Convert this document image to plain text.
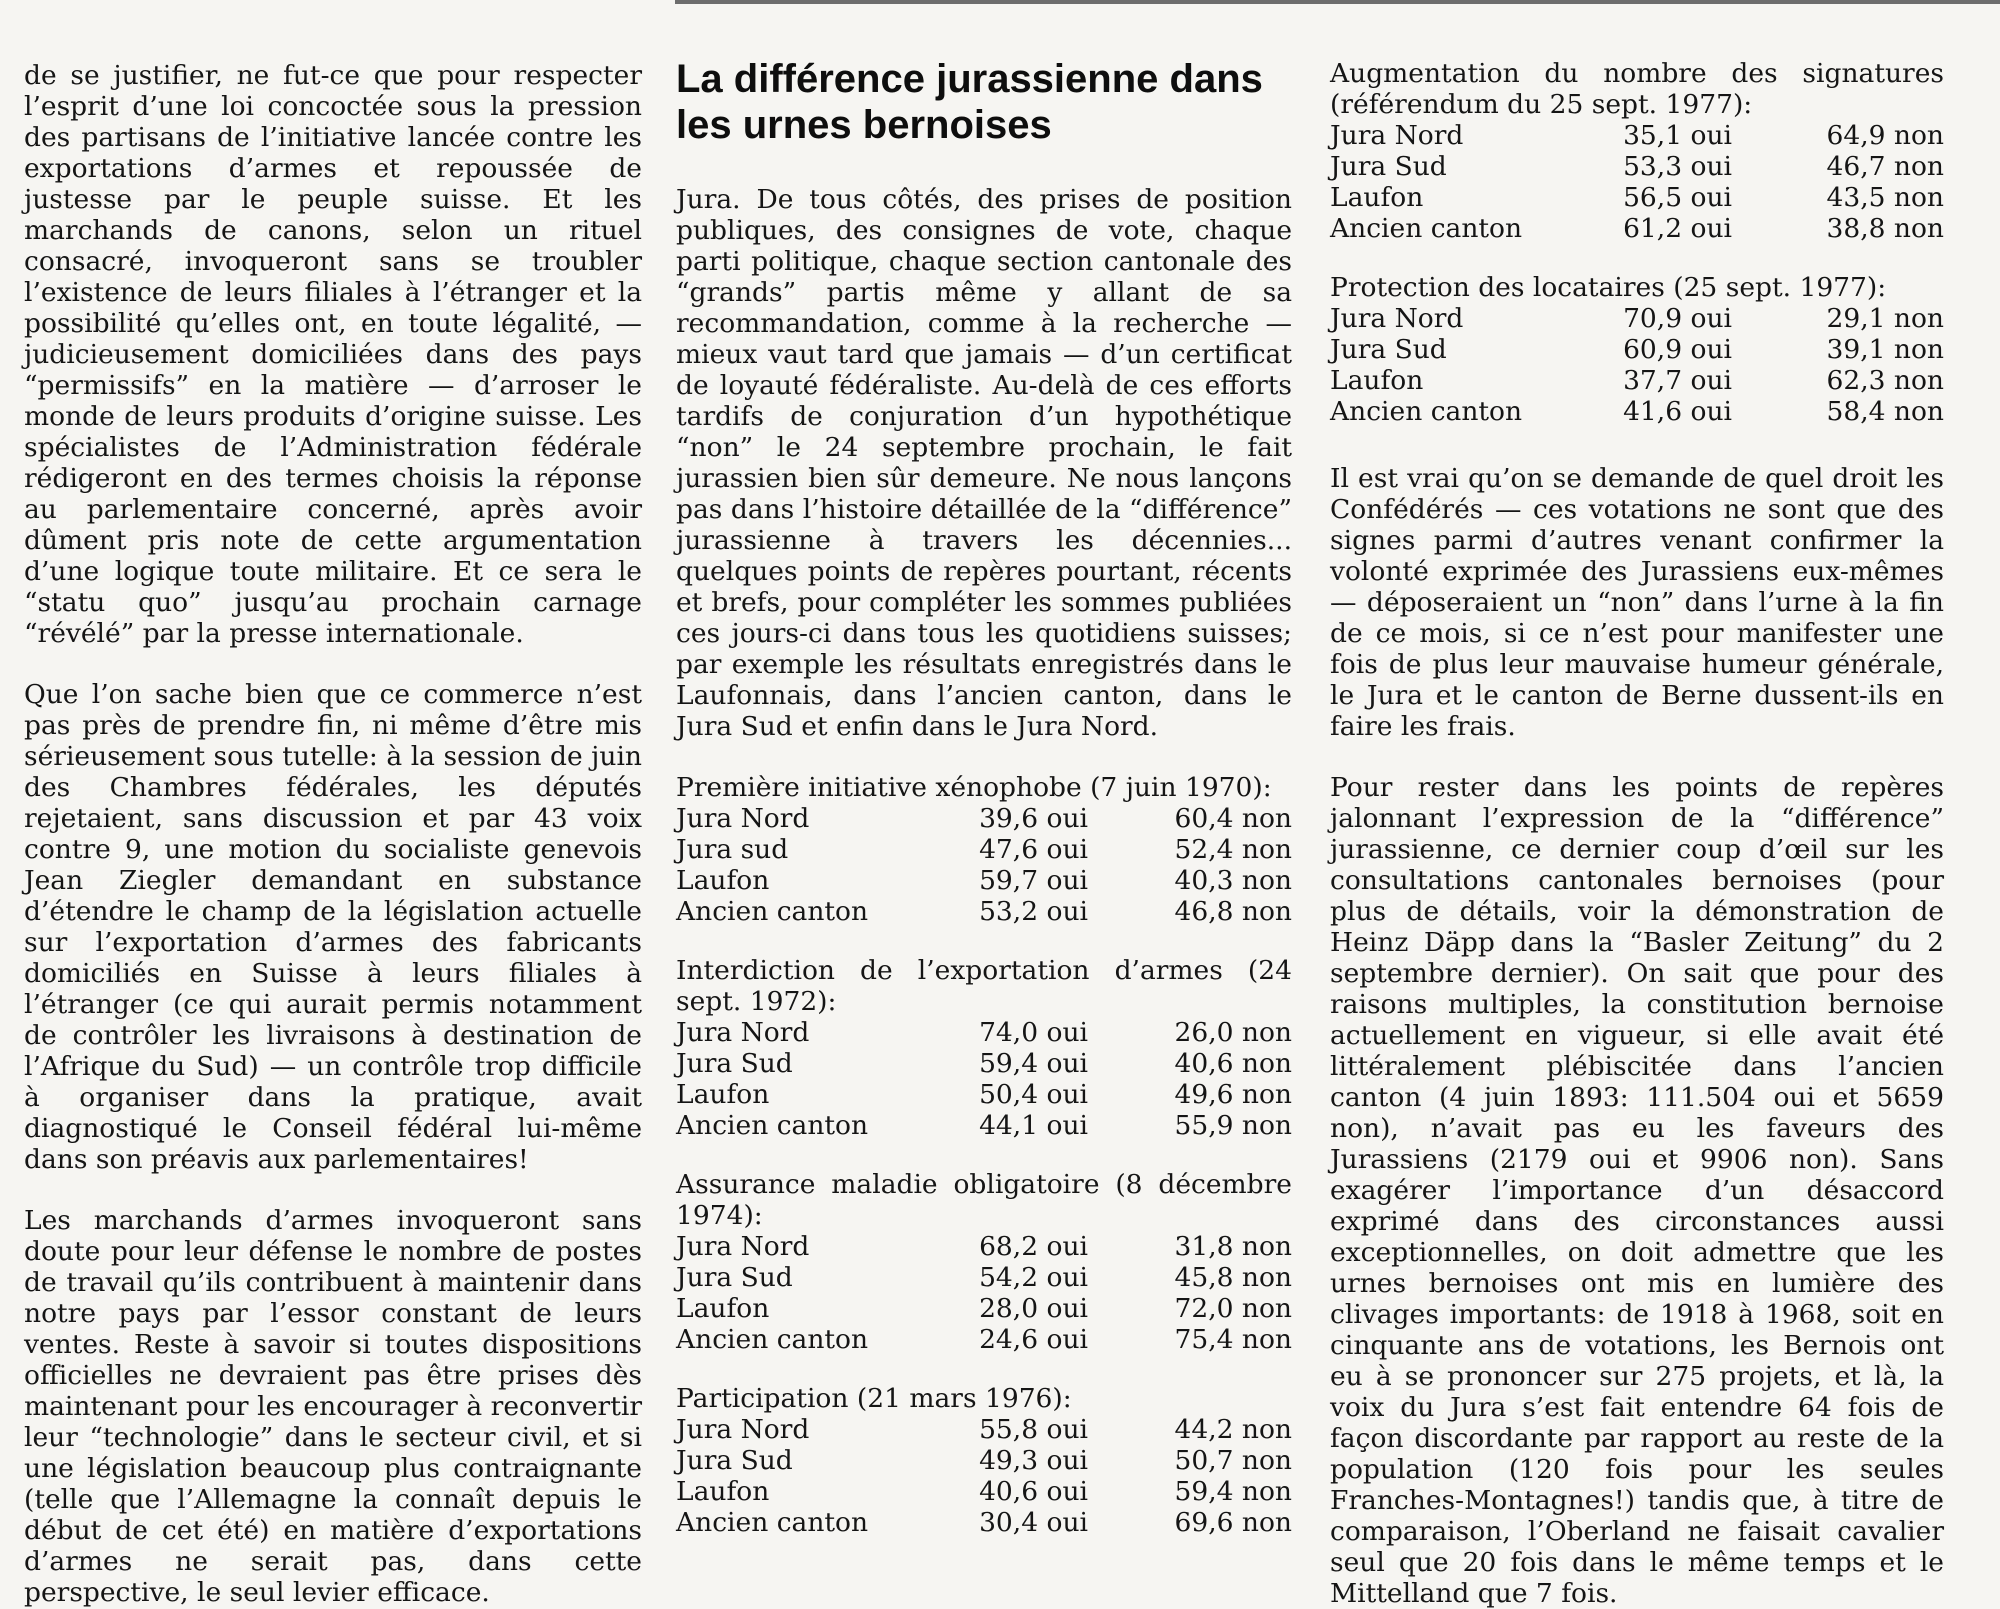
de se justifier, ne fut-ce que pour respecter l’esprit d’une loi concoctée sous la pression des partisans de l’initiative lancée contre les exportations d’armes et repoussée de justesse par le peuple suisse. Et les marchands de canons, selon un rituel consacré, invoqueront sans se troubler l’existence de leurs filiales à l’étranger et la possibilité qu’elles ont, en toute légalité, —judicieusement domiciliées dans des pays “permissifs” en la matière — d’arroser le monde de leurs produits d’origine suisse. Les spécialistes de l’Administration fédérale rédigeront en des termes choisis la réponse au parlementaire concerné, après avoir dûment pris note de cette argumentation d’une logique toute militaire. Et ce sera le “statu quo” jusqu’au prochain carnage “révélé” par la presse internationale.

Que l’on sache bien que ce commerce n’est pas près de prendre fin, ni même d’être mis sérieusement sous tutelle: à la session de juin des Chambres fédérales, les députés rejetaient, sans discussion et par 43 voix contre 9, une motion du socialiste genevois Jean Ziegler demandant en substance d’étendre le champ de la législation actuelle sur l’exportation d’armes des fabricants domiciliés en Suisse à leurs filiales à l’étranger (ce qui aurait permis notamment de contrôler les livraisons à destination de l’Afrique du Sud) — un contrôle trop difficile à organiser dans la pratique, avait diagnostiqué le Conseil fédéral lui-même dans son préavis aux parlementaires!

Les marchands d’armes invoqueront sans doute pour leur défense le nombre de postes de travail qu’ils contribuent à maintenir dans notre pays par l’essor constant de leurs ventes. Reste à savoir si toutes dispositions officielles ne devraient pas être prises dès maintenant pour les encourager à reconvertir leur “technologie” dans le secteur civil, et si une législation beaucoup plus contraignante (telle que l’Allemagne la connaît depuis le début de cet été) en matière d’exportations d’armes ne serait pas, dans cette perspective, le seul levier efficace.

La différence jurassienne dans les urnes bernoises

Jura. De tous côtés, des prises de position publiques, des consignes de vote, chaque parti politique, chaque section cantonale des “grands” partis même y allant de sa recommandation, comme à la recherche — mieux vaut tard que jamais — d’un certificat de loyauté fédéraliste. Au-delà de ces efforts tardifs de conjuration d’un hypothétique “non” le 24 septembre prochain, le fait jurassien bien sûr demeure. Ne nous lançons pas dans l’histoire détaillée de la “différence” jurassienne à travers les décennies... quelques points de repères pourtant, récents et brefs, pour compléter les sommes publiées ces jours-ci dans tous les quotidiens suisses; par exemple les résultats enregistrés dans le Laufonnais, dans l’ancien canton, dans le Jura Sud et enfin dans le Jura Nord.

Première initiative xénophobe (7 juin 1970):
Jura Nord	39,6 oui	60,4 non
Jura sud	47,6 oui	52,4 non
Laufon	59,7 oui	40,3 non
Ancien canton	53,2 oui	46,8 non
Interdiction de l’exportation d’armes (24 sept. 1972):
Jura Nord	74,0 oui	26,0 non
Jura Sud	59,4 oui	40,6 non
Laufon	50,4 oui	49,6 non
Ancien canton	44,1 oui	55,9 non
Assurance maladie obligatoire (8 décembre 1974):
Jura Nord	68,2 oui	31,8 non
Jura Sud	54,2 oui	45,8 non
Laufon	28,0 oui	72,0 non
Ancien canton	24,6 oui	75,4 non
Participation (21 mars 1976):
Jura Nord	55,8 oui	44,2 non
Jura Sud	49,3 oui	50,7 non
Laufon	40,6 oui	59,4 non
Ancien canton	30,4 oui	69,6 non
Augmentation du nombre des signatures (référendum du 25 sept. 1977):
Jura Nord	35,1 oui	64,9 non
Jura Sud	53,3 oui	46,7 non
Laufon	56,5 oui	43,5 non
Ancien canton	61,2 oui	38,8 non
Protection des locataires (25 sept. 1977):
Jura Nord	70,9 oui	29,1 non
Jura Sud	60,9 oui	39,1 non
Laufon	37,7 oui	62,3 non
Ancien canton	41,6 oui	58,4 non

Il est vrai qu’on se demande de quel droit les Confédérés — ces votations ne sont que des signes parmi d’autres venant confirmer la volonté exprimée des Jurassiens eux-mêmes — déposeraient un “non” dans l’urne à la fin de ce mois, si ce n’est pour manifester une fois de plus leur mauvaise humeur générale, le Jura et le canton de Berne dussent-ils en faire les frais.

Pour rester dans les points de repères jalonnant l’expression de la “différence” jurassienne, ce dernier coup d’œil sur les consultations cantonales bernoises (pour plus de détails, voir la démonstration de Heinz Däpp dans la “Basler Zeitung” du 2 septembre dernier). On sait que pour des raisons multiples, la constitution bernoise actuellement en vigueur, si elle avait été littéralement plébiscitée dans l’ancien canton (4 juin 1893: 111.504 oui et 5659 non), n’avait pas eu les faveurs des Jurassiens (2179 oui et 9906 non). Sans exagérer l’importance d’un désaccord exprimé dans des circonstances aussi exceptionnelles, on doit admettre que les urnes bernoises ont mis en lumière des clivages importants: de 1918 à 1968, soit en cinquante ans de votations, les Bernois ont eu à se prononcer sur 275 projets, et là, la voix du Jura s’est fait entendre 64 fois de façon discordante par rapport au reste de la population (120 fois pour les seules Franches-Montagnes!) tandis que, à titre de comparaison, l’Oberland ne faisait cavalier seul que 20 fois dans le même temps et le Mittelland que 7 fois.
